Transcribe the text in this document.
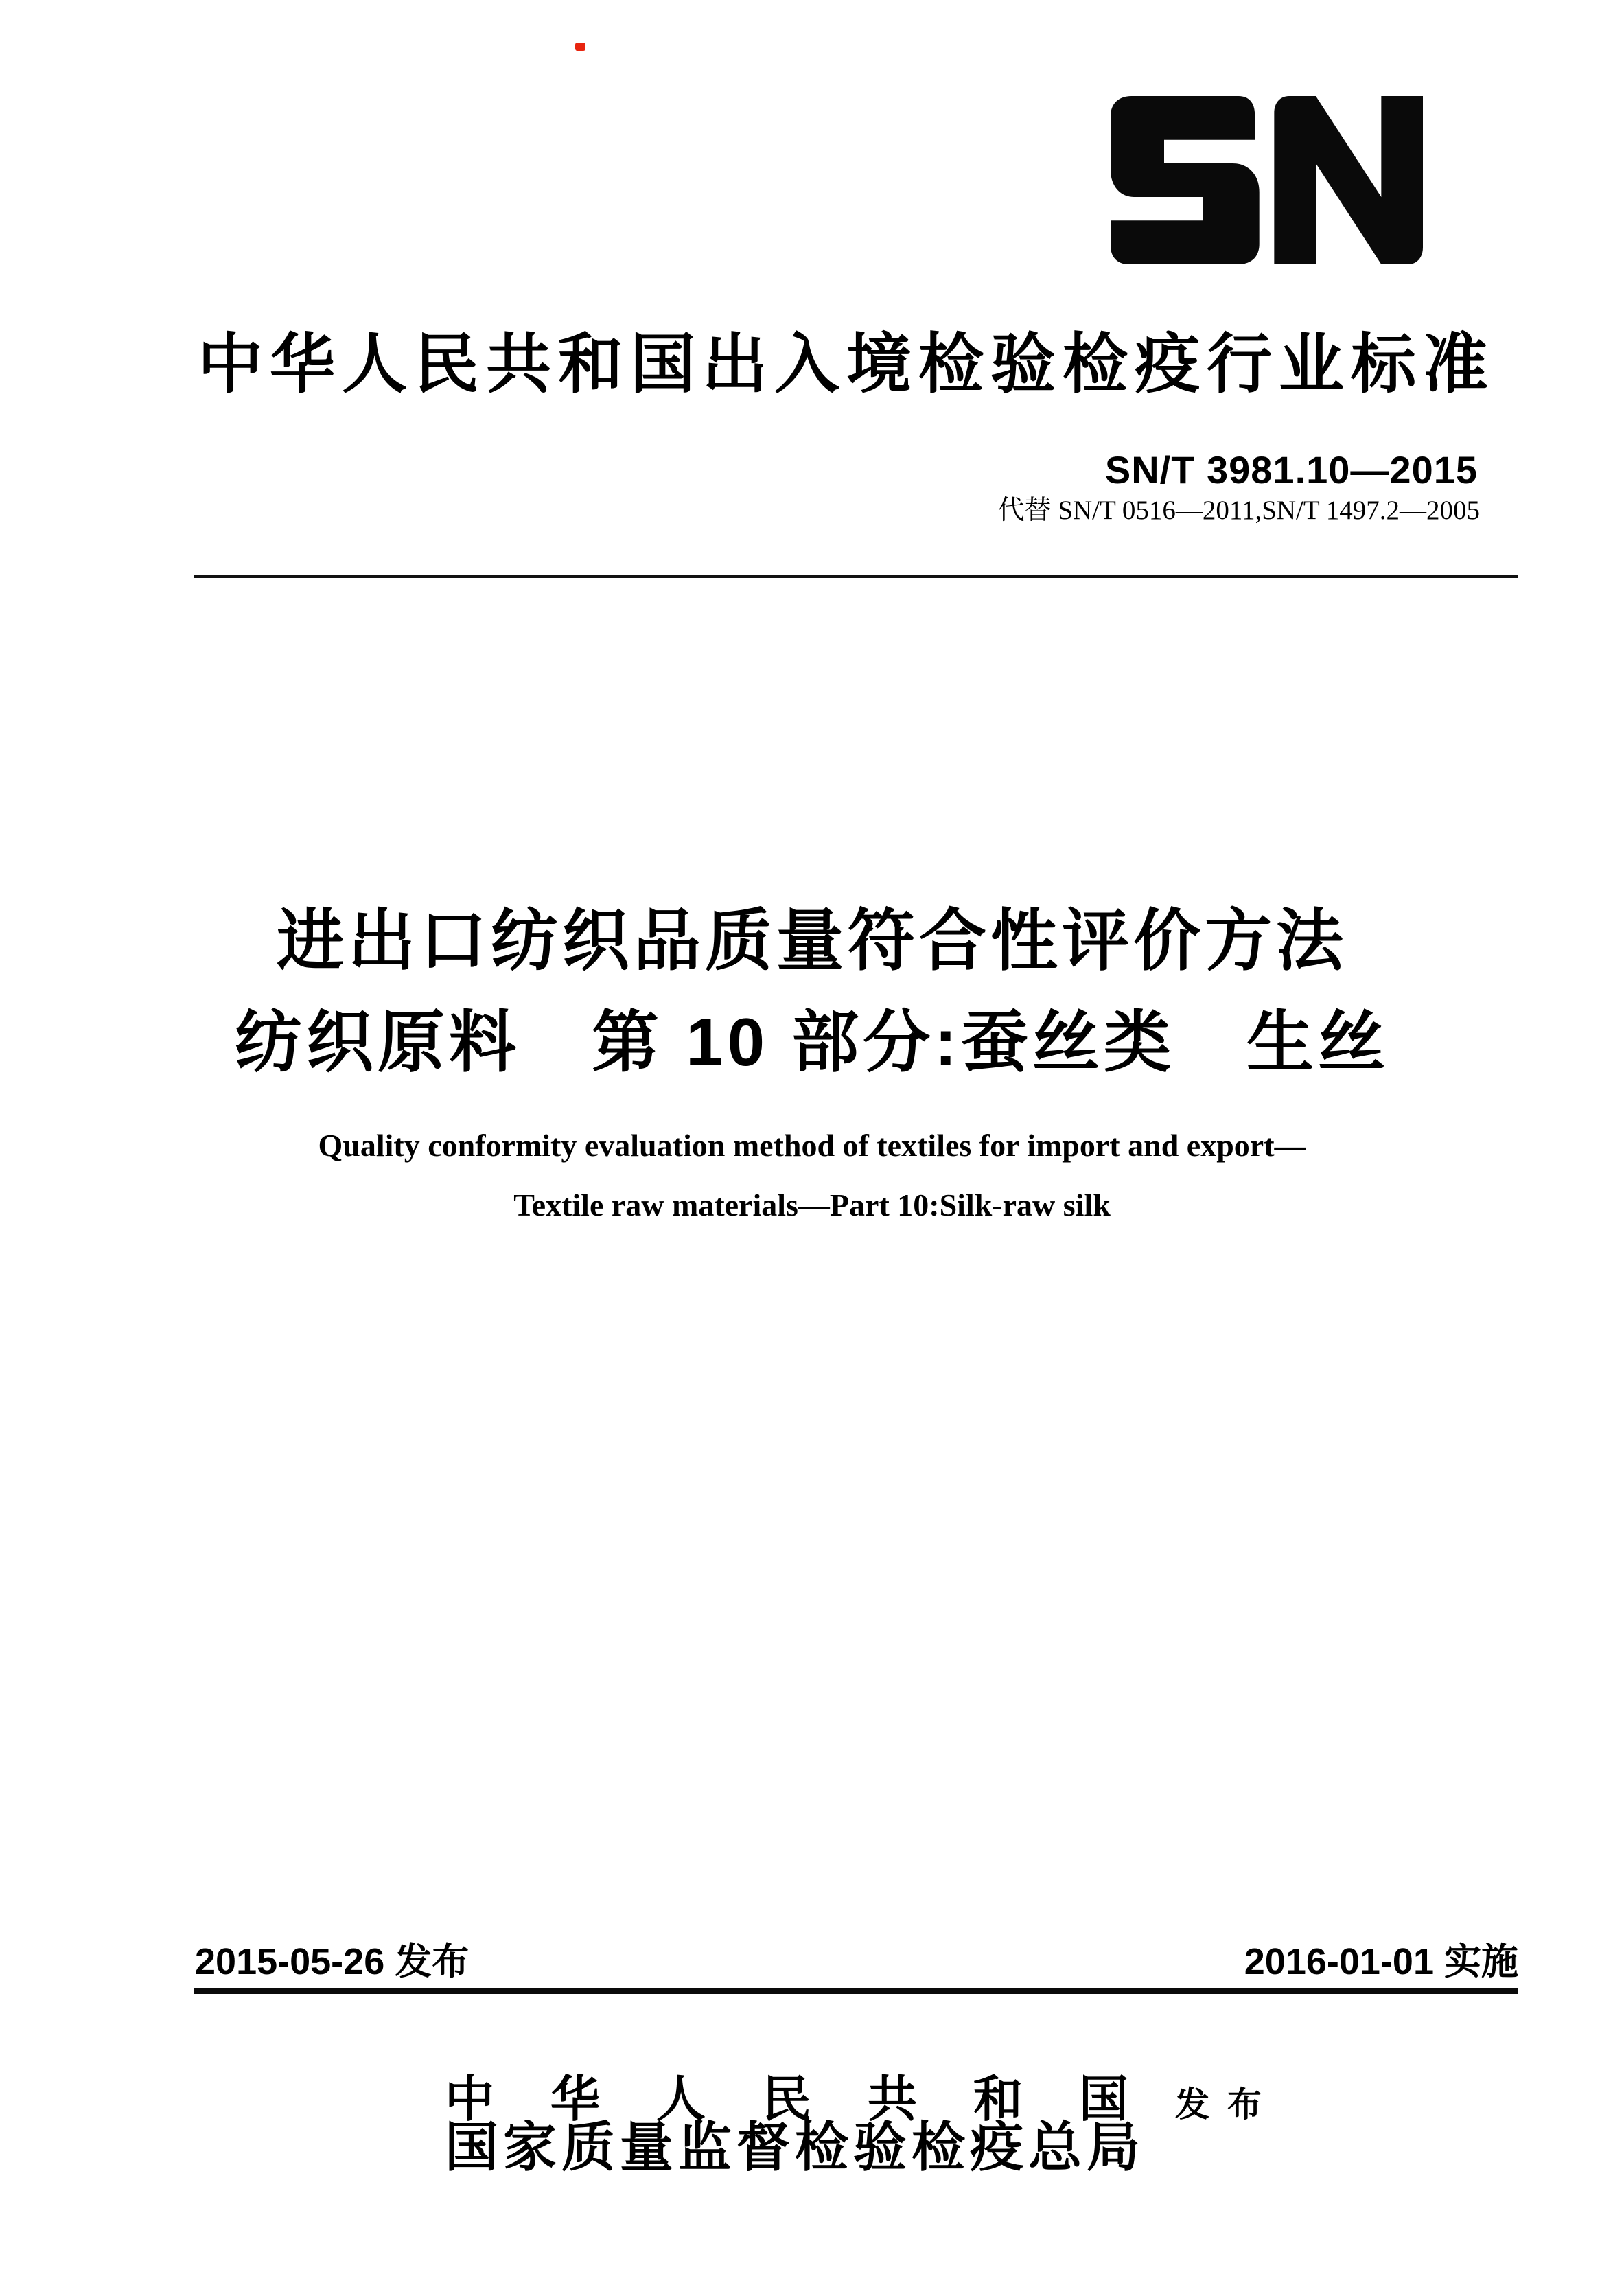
中华人民共和国出入境检验检疫行业标准
SN/T 3981.10—2015
代替 SN/T 0516—2011,SN/T 1497.2—2005
进出口纺织品质量符合性评价方法
纺织原料　第 10 部分:蚕丝类　生丝
Quality conformity evaluation method of textiles for import and export—
Textile raw materials—Part 10:Silk-raw silk
2015-05-26 发布	2016-01-01 实施
中华人民共和国
国家质量监督检验检疫总局
发布
